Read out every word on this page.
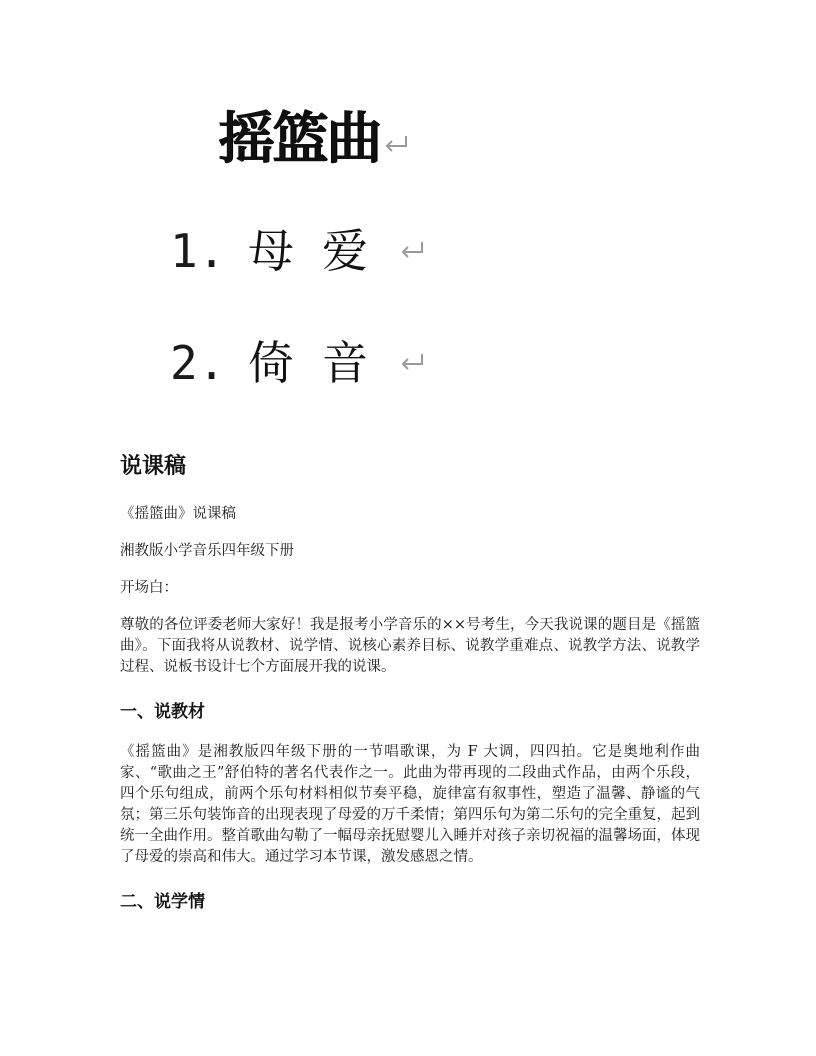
摇篮曲
1. 母爱
2. 倚音
说课稿

《摇篮曲》说课稿

湘教版小学音乐四年级下册

开场白：

尊敬的各位评委老师大家好！我是报考小学音乐的××号考生，今天我说课的题目是《摇篮曲》。下面我将从说教材、说学情、说核心素养目标、说教学重难点、说教学方法、说教学过程、说板书设计七个方面展开我的说课。

一、说教材

《摇篮曲》是湘教版四年级下册的一节唱歌课，为 F 大调，四四拍。它是奥地利作曲家、“歌曲之王”舒伯特的著名代表作之一。此曲为带再现的二段曲式作品，由两个乐段，四个乐句组成，前两个乐句材料相似节奏平稳，旋律富有叙事性，塑造了温馨、静谧的气氛；第三乐句装饰音的出现表现了母爱的万千柔情；第四乐句为第二乐句的完全重复，起到统一全曲作用。整首歌曲勾勒了一幅母亲抚慰婴儿入睡并对孩子亲切祝福的温馨场面，体现了母爱的崇高和伟大。通过学习本节课，激发感恩之情。

二、说学情
